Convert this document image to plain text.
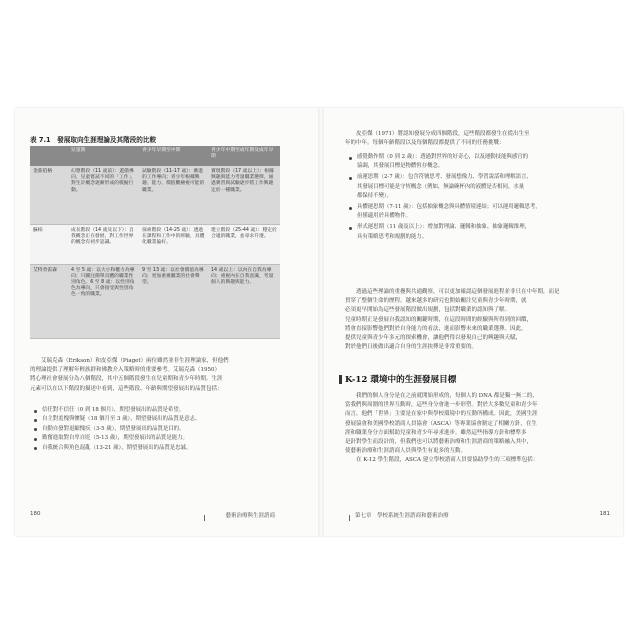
表 7.1　發展取向生涯理論及其階段的比較
	兒童期	青少年早期至中期	青少年中期至成年期及成年早期
金茲伯格	幻想階段（11 歲前）：遊戲導向，兒童嘗試不同的「工作」，對生計概念逐漸形成的模擬行動。	試驗階段（11-17 歲）：漸進的工作導向；青少年根據興趣、能力、價值觀檢視可能的職業。	實現階段（17 歲以上）：根據興趣與能力考量職業選擇，通過實習與試驗逐步將工作興趣定於一種職業。
蘇柏	成長階段（14 歲及以下）：自我概念正在發展，對工作世界的概念有初步認識。	探索階段（14-25 歲）：透過在課程和工作中的經驗，具體化職業偏好。	建立階段（25-44 歲）：穩定於合適的職業，並尋求升遷。
艾特肯雷森	4 至 5 歲：以大小和權力為導向；只關注簡單具體的職業性別角色。6 至 8 歲：以性別角色為導向，只會接受與性別角色一致的職業。	9 至 13 歲：以社會價值為導向；更加重視職業的社會聲望。	14 歲以上：以內在自我為導向；重視內在自我意識，考量個人的興趣與能力。
艾瑞克森（Erikson）和皮亞傑（Piaget）兩位雖然並非生涯理論家，但他們
的理論提供了理解年輕族群和佛教介入策略時的重要參考。艾瑞克森（1950）
將心理社會發展分為八個階段，其中五個階段發生在兒童期和青少年時期。生涯
元素可以在以下階段的描述中看到，這些階段、年齡與期望發展出的品質包括：
信任對不信任（0 到 18 個月），期望發展出的品質是希望。
自主對羞愧與懷疑（18 個月至 3 歲），期望發展出的品質是意志。
自動自發對退縮愧疚（3-5 歲），期望發展出的品質是目的。
勤奮進取對自卑自貶（5-13 歲），期望發展出的品質是能力。
自我統合與角色混亂（13-21 歲），期望發展出的品質是忠誠。
180	藝術治療與生涯諮商
皮亞傑（1971）將認知發展分成四個階段，這些階段都發生在從出生至
年的中年。每個年齡階段以及每個階段都提供了不同的任務挑戰：
感覺動作期（0 到 2 歲）：透過對世界的好奇心，以及運動技能與感官的
協調，其發展目標是物體恆存概念。
前運思期（2-7 歲）：包含符號思考、發展想像力、學習說話和理解語言，
其發展目標可能是守恆概念（例如，無論碗杯內的液體是否相同，水量
都保持不變）。
具體運思期（7-11 歲）：包括抽象概念與具體情境連結；可以運用邏輯思考，
但僅適用於具體物件。
形式運思期（11 歲及以上）：增加對理論、邏輯和抽象、抽象邏輯推理，
具有策略思考和規劃的能力。
透過這些理論的重疊與共通觀察，可以更加確認這個發展進程並非只在中年期，而是
貫穿了整個生命的歷程。越來越多的研究也開始關注兒童與青少年時期，就
必須更早開始為這些發展階段做出規劃，包括對職業的認知與了解。
兒童時期正是發展自我認知的關鍵時期，在這段時間的經驗與所得到的回饋，
將會直接影響他們對於自身能力的看法，進而影響未來的職業選擇。因此，
提供兒童與青少年多元的探索機會，讓他們得以發現自己的興趣與天賦，
對於他們日後做出適合自身的生涯抉擇是非常重要的。
K-12 環境中的生涯發展目標
我們的個人身分是在之前就開始形成的，每個人的 DNA 都是獨一無二的，
當我們與周圍的世界互動時，這些身分會進一步形塑。對於大多數兒童和青少年
而言，他們「世界」主要是在家中與學校環境中的互動所構成。因此，美國生涯
發展協會和美國學校諮商人員協會（ASCA）等專業協會制定了相關方針，在生
涯和職業身分方面幫助兒童和青少年尋求進步。雖然這些指導方針和標準多
是針對學生而設計的，但我們也可以將藝術治療和生涯諮商的策略融入其中，
使藝術治療和生涯諮商人員與學生有更多的互動。
在 K-12 學生階段，ASCA 建立學校諮商人員要協助學生的三項標準包括：
第七章　學校系統生涯諮商和藝術治療	181
